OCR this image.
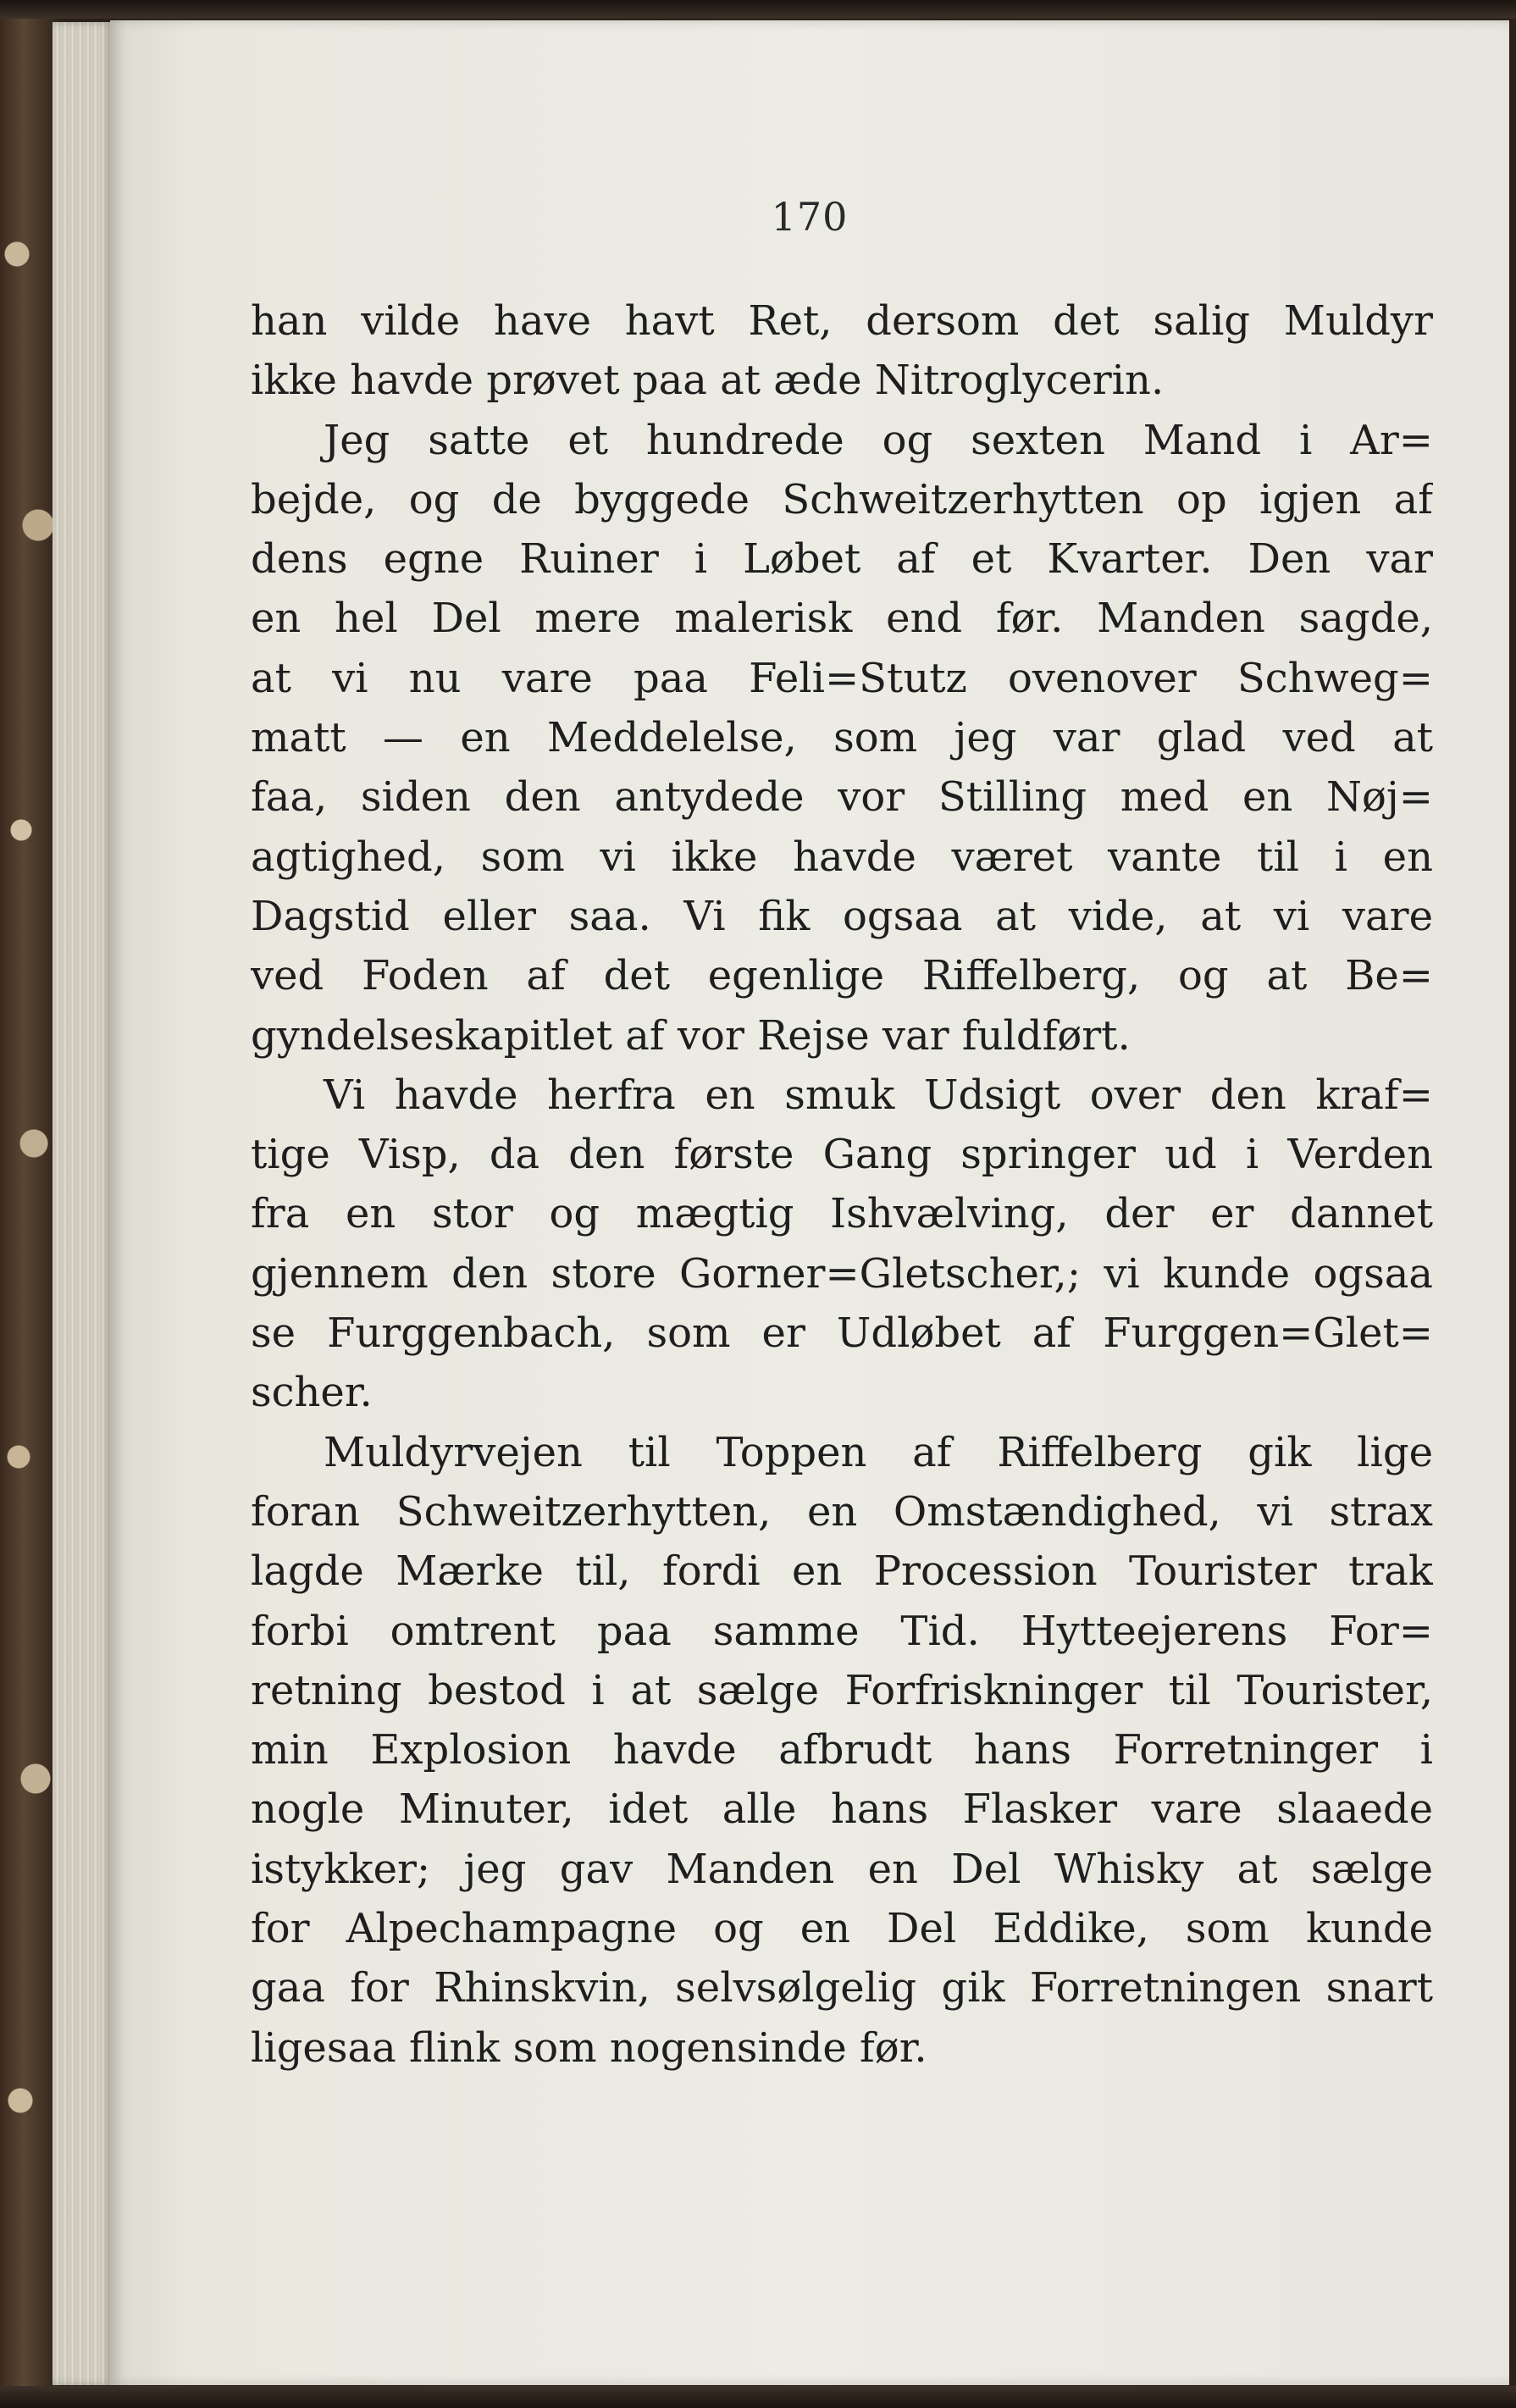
170
han vilde have havt Ret, dersom det salig Muldyr
ikke havde prøvet paa at æde Nitroglycerin.
Jeg satte et hundrede og sexten Mand i Ar=
bejde, og de byggede Schweitzerhytten op igjen af
dens egne Ruiner i Løbet af et Kvarter. Den var
en hel Del mere malerisk end før. Manden sagde,
at vi nu vare paa Feli=Stutz ovenover Schweg=
matt — en Meddelelse, som jeg var glad ved at
faa, siden den antydede vor Stilling med en Nøj=
agtighed, som vi ikke havde været vante til i en
Dagstid eller saa. Vi fik ogsaa at vide, at vi vare
ved Foden af det egenlige Riffelberg, og at Be=
gyndelseskapitlet af vor Rejse var fuldført.
Vi havde herfra en smuk Udsigt over den kraf=
tige Visp, da den første Gang springer ud i Verden
fra en stor og mægtig Ishvælving, der er dannet
gjennem den store Gorner=Gletscher,; vi kunde ogsaa
se Furggenbach, som er Udløbet af Furggen=Glet=
scher.
Muldyrvejen til Toppen af Riffelberg gik lige
foran Schweitzerhytten, en Omstændighed, vi strax
lagde Mærke til, fordi en Procession Tourister trak
forbi omtrent paa samme Tid. Hytteejerens For=
retning bestod i at sælge Forfriskninger til Tourister,
min Explosion havde afbrudt hans Forretninger i
nogle Minuter, idet alle hans Flasker vare slaaede
istykker; jeg gav Manden en Del Whisky at sælge
for Alpechampagne og en Del Eddike, som kunde
gaa for Rhinskvin, selvsølgelig gik Forretningen snart
ligesaa flink som nogensinde før.
